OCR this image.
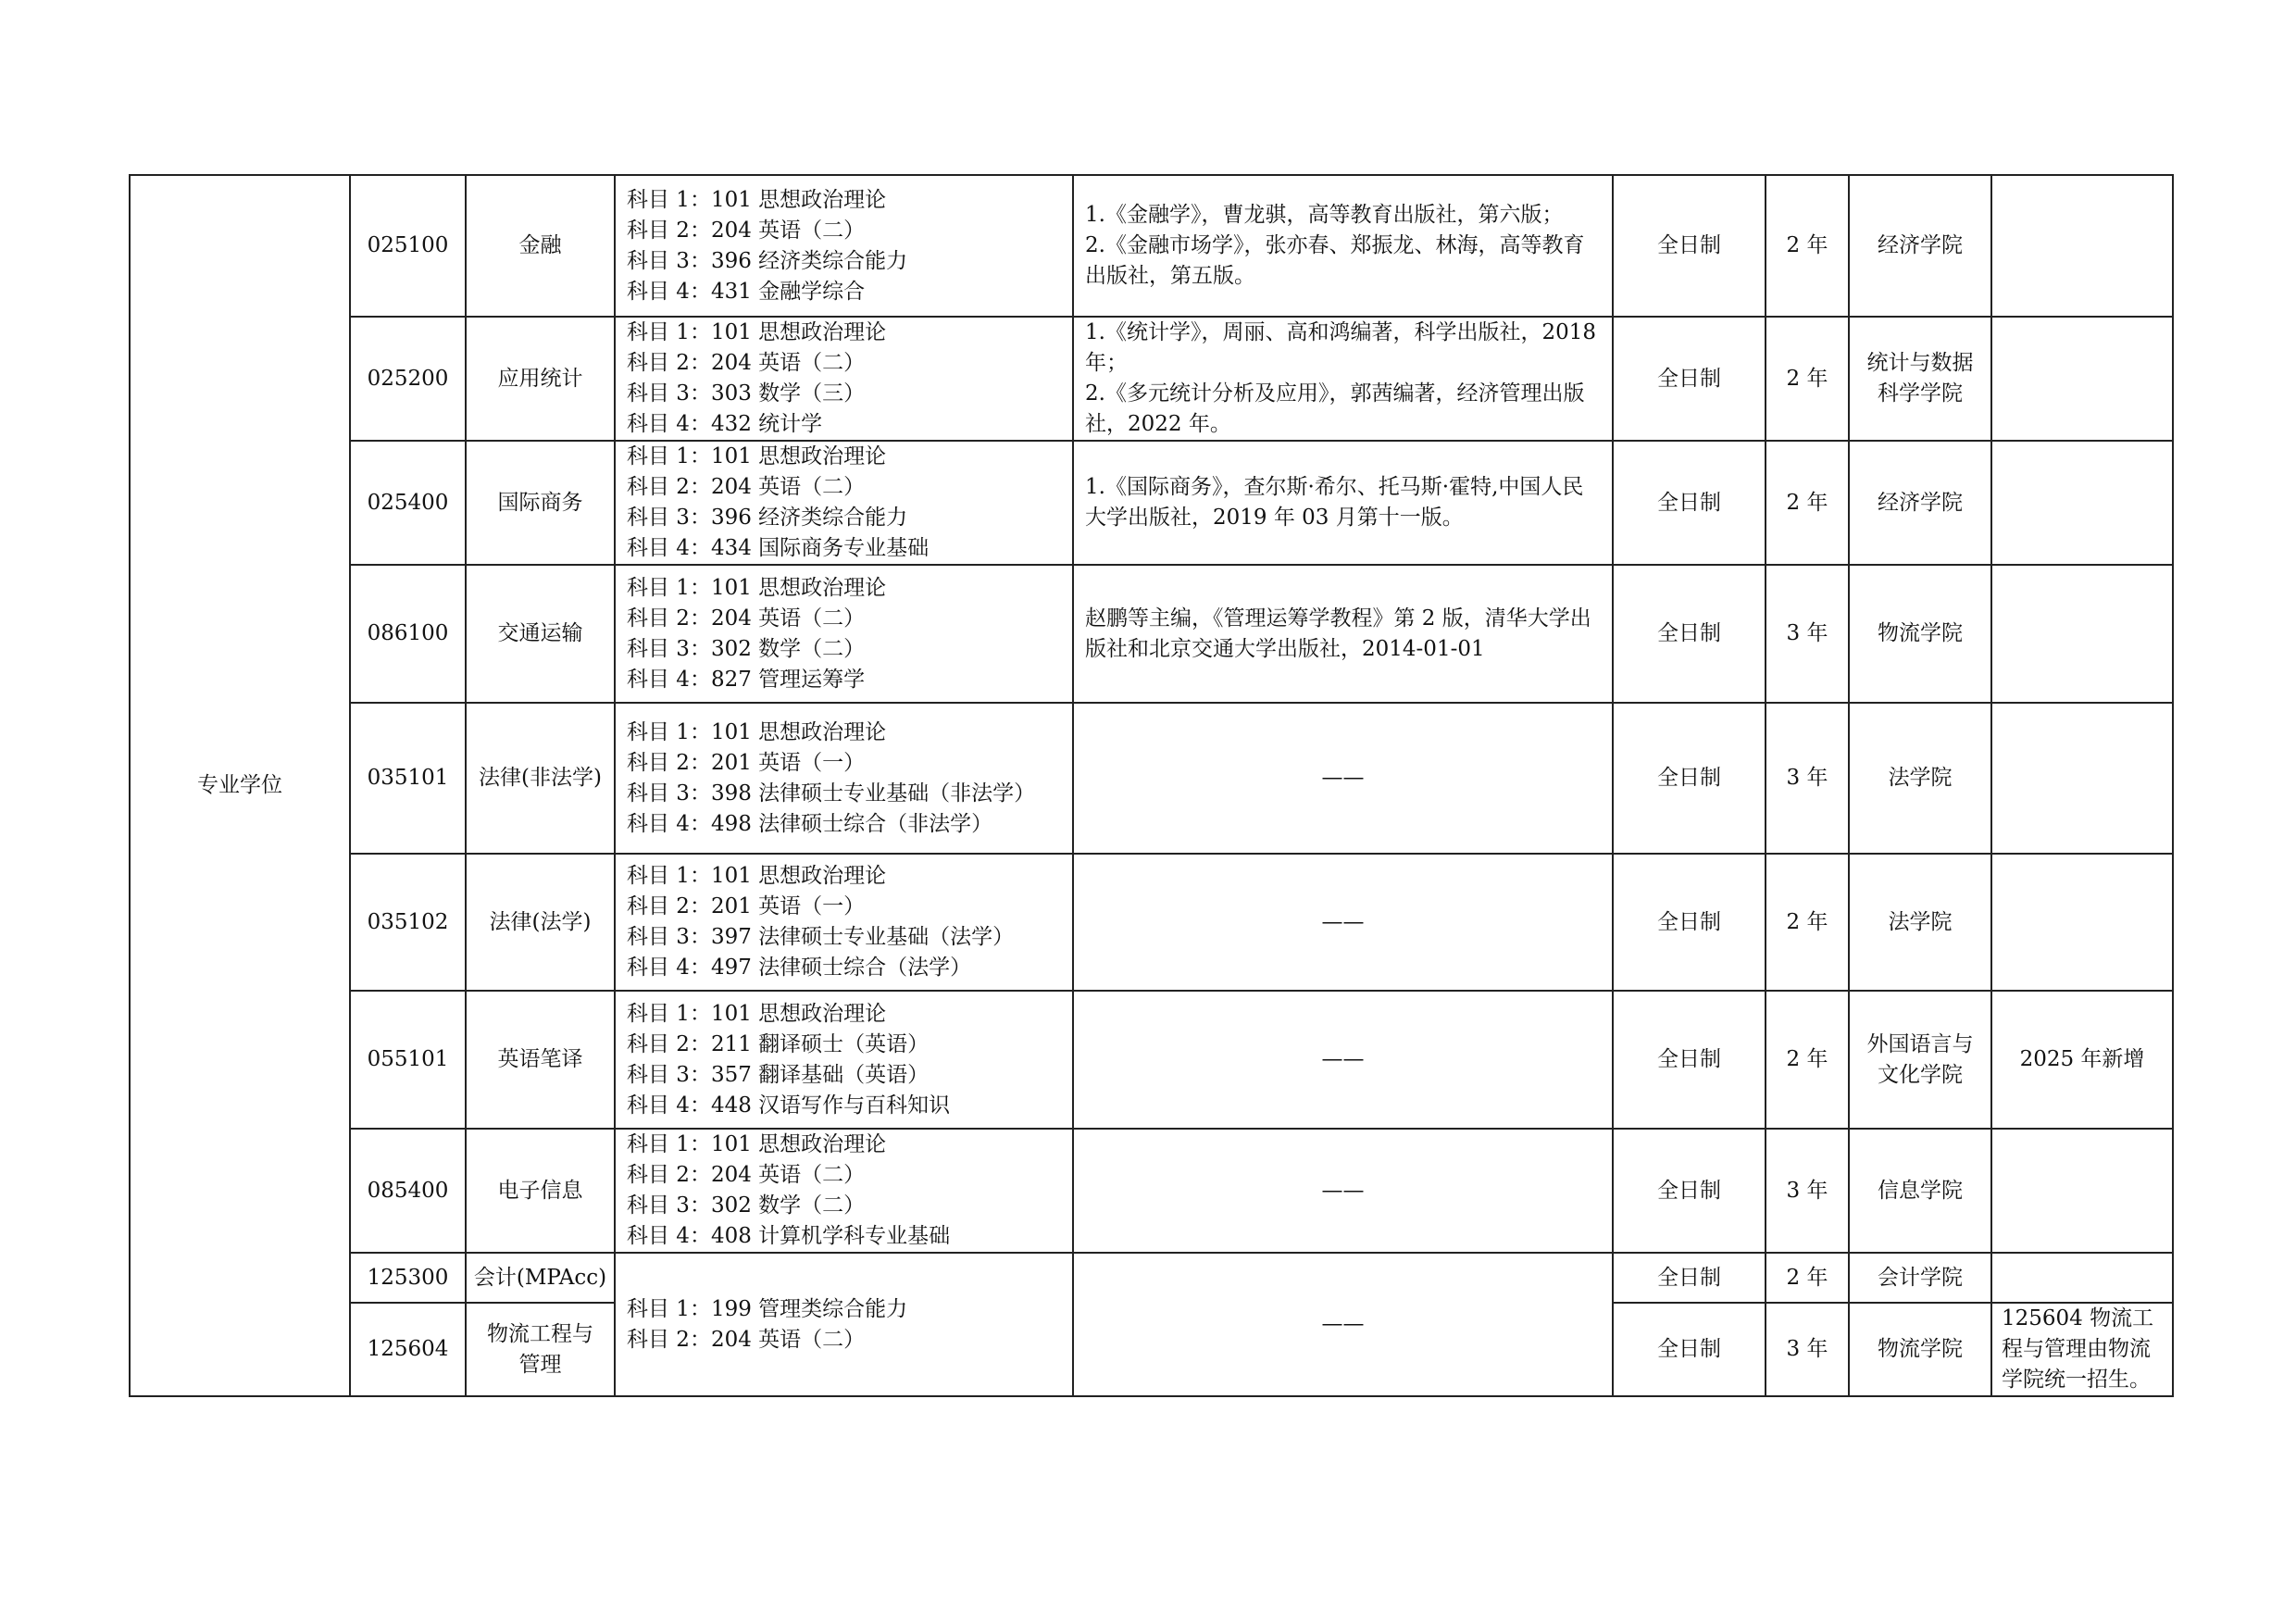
专业学位	025100	金融	科目 1：101 思想政治理论
科目 2：204 英语（二）
科目 3：396 经济类综合能力
科目 4：431 金融学综合	1.《金融学》，曹龙骐，高等教育出版社，第六版；
2.《金融市场学》，张亦春、郑振龙、林海，高等教育出版社，第五版。	全日制	2 年	经济学院	
	025200	应用统计	科目 1：101 思想政治理论
科目 2：204 英语（二）
科目 3：303 数学（三）
科目 4：432 统计学	1.《统计学》，周丽、高和鸿编著，科学出版社，2018 年；
2.《多元统计分析及应用》，郭茜编著，经济管理出版社，2022 年。	全日制	2 年	统计与数据科学学院	
	025400	国际商务	科目 1：101 思想政治理论
科目 2：204 英语（二）
科目 3：396 经济类综合能力
科目 4：434 国际商务专业基础	1.《国际商务》，查尔斯·希尔、托马斯·霍特,中国人民大学出版社，2019 年 03 月第十一版。	全日制	2 年	经济学院	
	086100	交通运输	科目 1：101 思想政治理论
科目 2：204 英语（二）
科目 3：302 数学（二）
科目 4：827 管理运筹学	赵鹏等主编，《管理运筹学教程》第 2 版，清华大学出版社和北京交通大学出版社，2014-01-01	全日制	3 年	物流学院	
	035101	法律(非法学)	科目 1：101 思想政治理论
科目 2：201 英语（一）
科目 3：398 法律硕士专业基础（非法学）
科目 4：498 法律硕士综合（非法学）	——	全日制	3 年	法学院	
	035102	法律(法学)	科目 1：101 思想政治理论
科目 2：201 英语（一）
科目 3：397 法律硕士专业基础（法学）
科目 4：497 法律硕士综合（法学）	——	全日制	2 年	法学院	
	055101	英语笔译	科目 1：101 思想政治理论
科目 2：211 翻译硕士（英语）
科目 3：357 翻译基础（英语）
科目 4：448 汉语写作与百科知识	——	全日制	2 年	外国语言与文化学院	2025 年新增
	085400	电子信息	科目 1：101 思想政治理论
科目 2：204 英语（二）
科目 3：302 数学（二）
科目 4：408 计算机学科专业基础	——	全日制	3 年	信息学院	
	125300	会计(MPAcc)	科目 1：199 管理类综合能力
科目 2：204 英语（二）	——	全日制	2 年	会计学院	
	125604	物流工程与管理			全日制	3 年	物流学院	125604 物流工程与管理由物流学院统一招生。
